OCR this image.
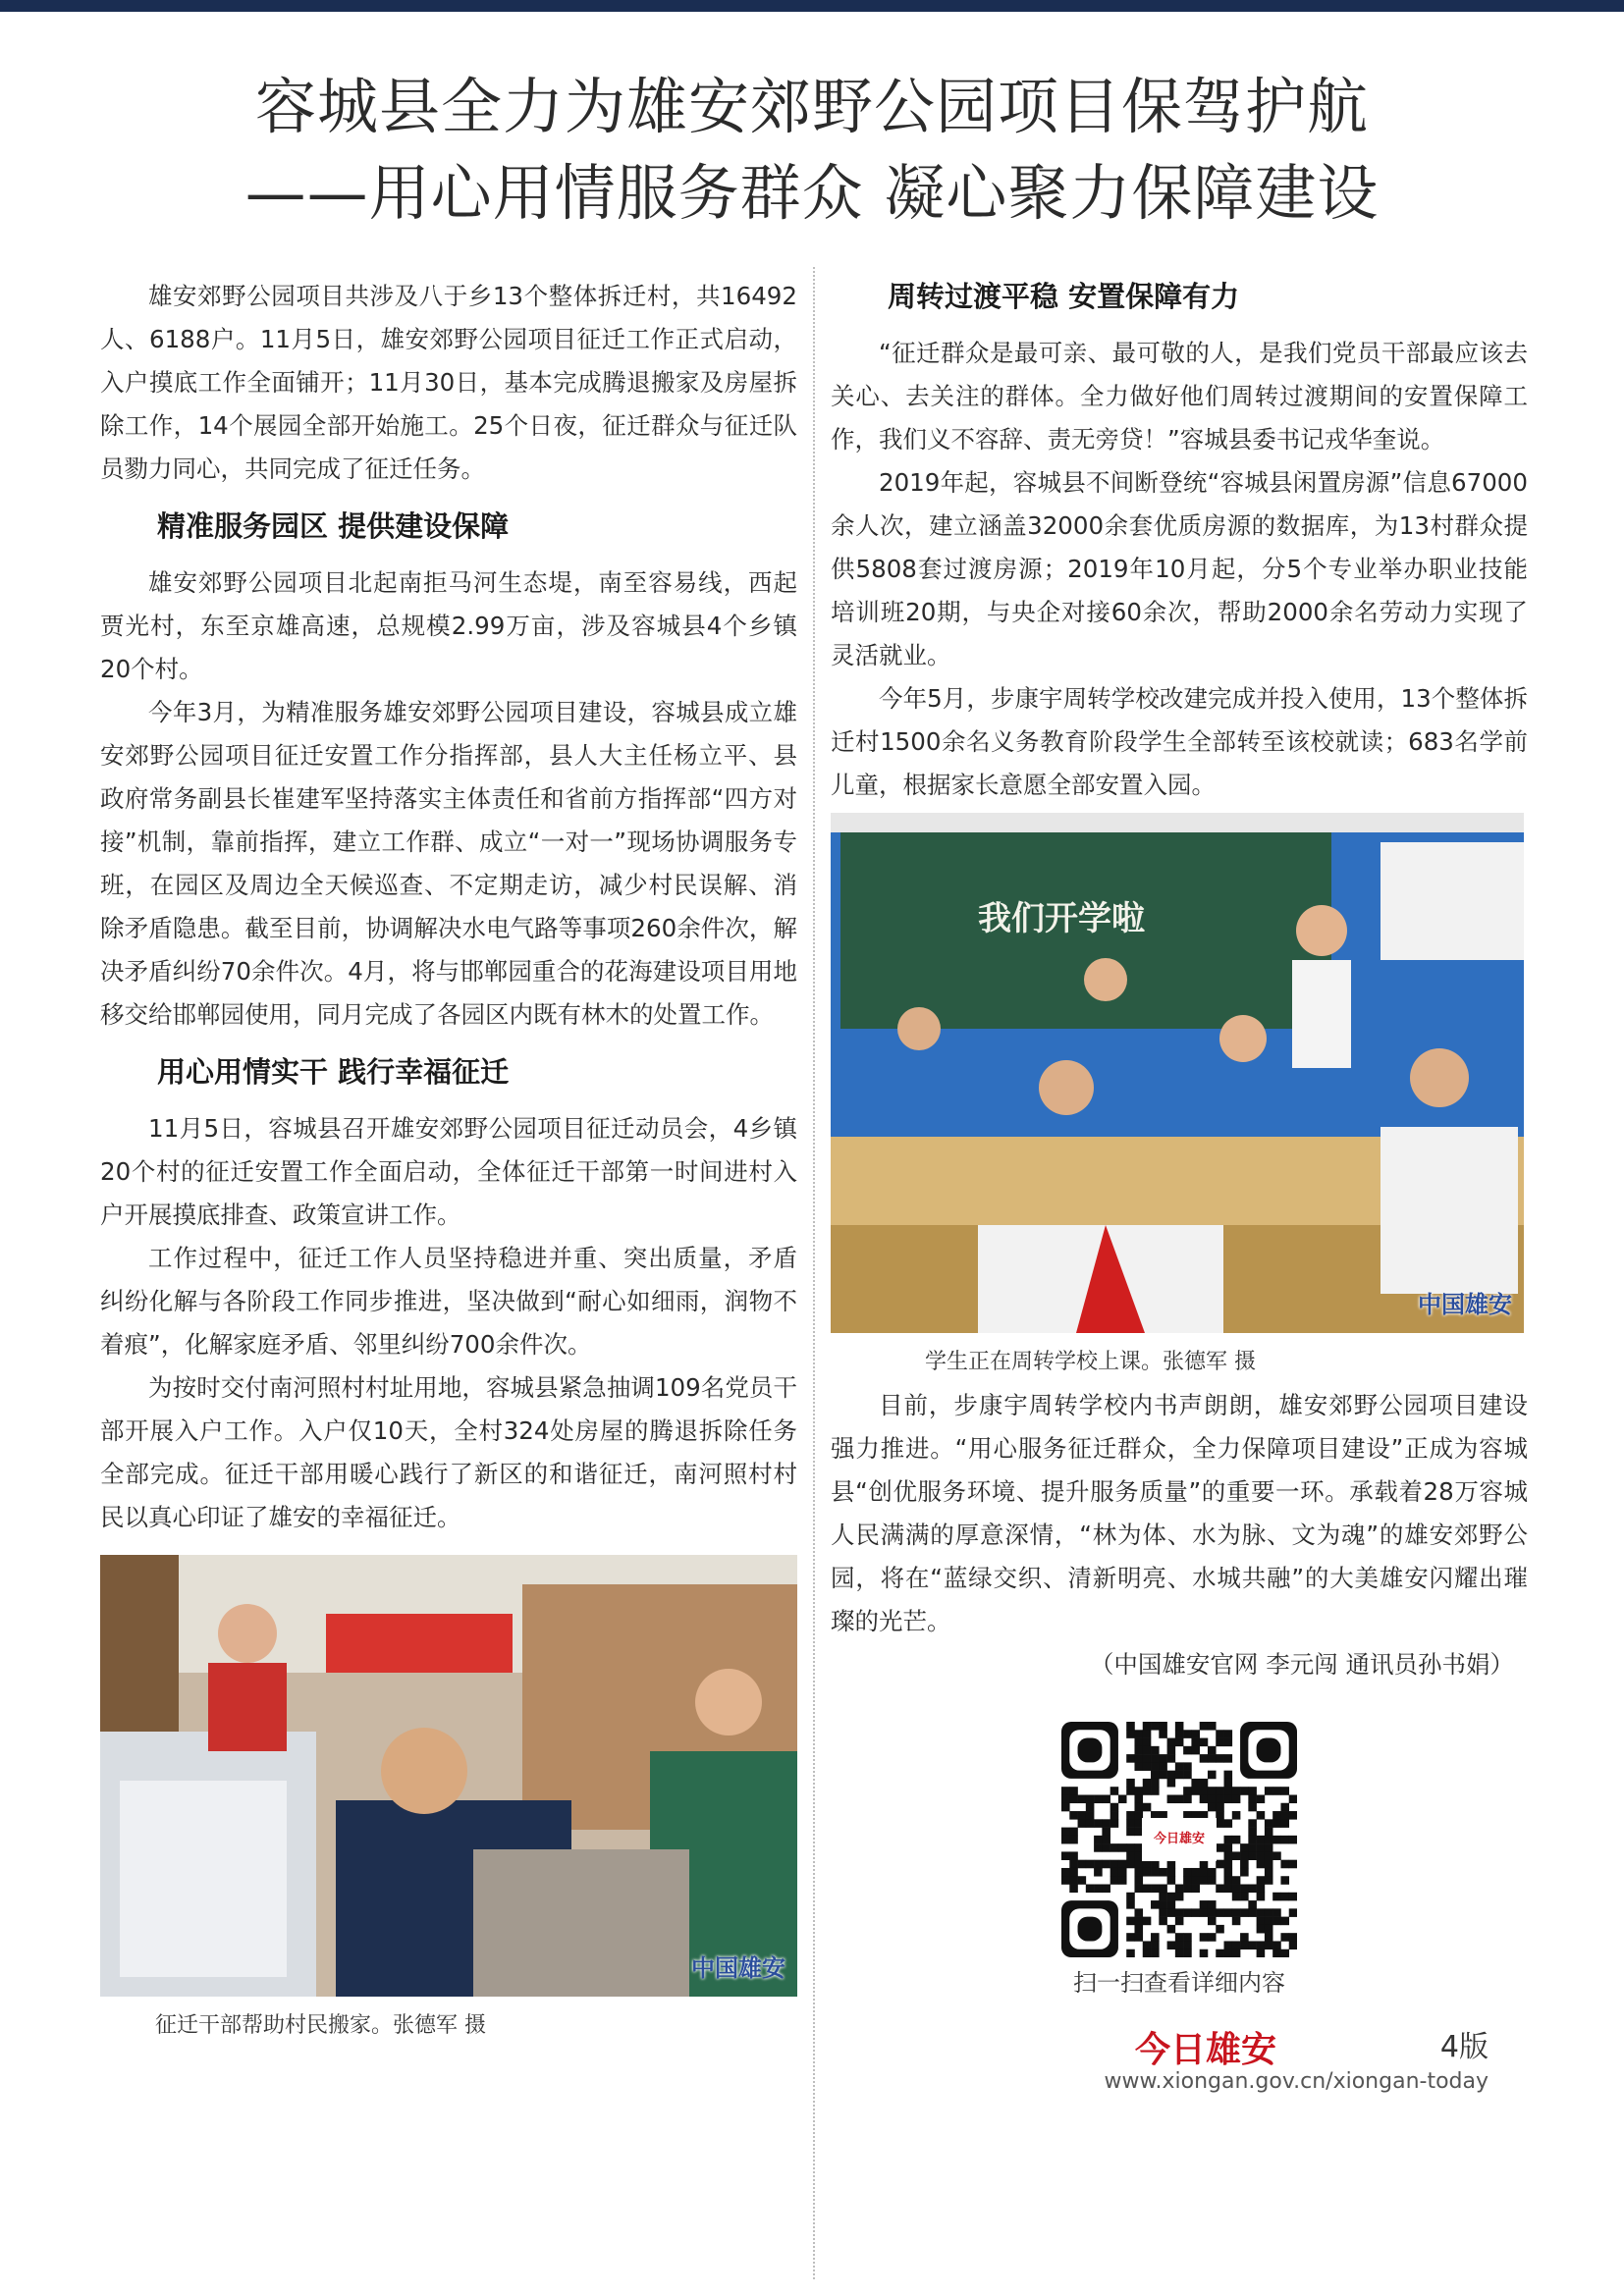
容城县全力为雄安郊野公园项目保驾护航
——用心用情服务群众 凝心聚力保障建设

雄安郊野公园项目共涉及八于乡13个整体拆迁村，共16492人、6188户。11月5日，雄安郊野公园项目征迁工作正式启动，入户摸底工作全面铺开；11月30日，基本完成腾退搬家及房屋拆除工作，14个展园全部开始施工。25个日夜，征迁群众与征迁队员勠力同心，共同完成了征迁任务。

精准服务园区 提供建设保障

雄安郊野公园项目北起南拒马河生态堤，南至容易线，西起贾光村，东至京雄高速，总规模2.99万亩，涉及容城县4个乡镇20个村。

今年3月，为精准服务雄安郊野公园项目建设，容城县成立雄安郊野公园项目征迁安置工作分指挥部，县人大主任杨立平、县政府常务副县长崔建军坚持落实主体责任和省前方指挥部“四方对接”机制，靠前指挥，建立工作群、成立“一对一”现场协调服务专班，在园区及周边全天候巡查、不定期走访，减少村民误解、消除矛盾隐患。截至目前，协调解决水电气路等事项260余件次，解决矛盾纠纷70余件次。4月，将与邯郸园重合的花海建设项目用地移交给邯郸园使用，同月完成了各园区内既有林木的处置工作。

用心用情实干 践行幸福征迁

11月5日，容城县召开雄安郊野公园项目征迁动员会，4乡镇20个村的征迁安置工作全面启动，全体征迁干部第一时间进村入户开展摸底排查、政策宣讲工作。

工作过程中，征迁工作人员坚持稳进并重、突出质量，矛盾纠纷化解与各阶段工作同步推进，坚决做到“耐心如细雨，润物不着痕”，化解家庭矛盾、邻里纠纷700余件次。

为按时交付南河照村村址用地，容城县紧急抽调109名党员干部开展入户工作。入户仅10天，全村324处房屋的腾退拆除任务全部完成。征迁干部用暖心践行了新区的和谐征迁，南河照村村民以真心印证了雄安的幸福征迁。

中国雄安

征迁干部帮助村民搬家。张德军 摄

周转过渡平稳 安置保障有力

“征迁群众是最可亲、最可敬的人，是我们党员干部最应该去关心、去关注的群体。全力做好他们周转过渡期间的安置保障工作，我们义不容辞、责无旁贷！”容城县委书记戎华奎说。

2019年起，容城县不间断登统“容城县闲置房源”信息67000余人次，建立涵盖32000余套优质房源的数据库，为13村群众提供5808套过渡房源；2019年10月起，分5个专业举办职业技能培训班20期，与央企对接60余次，帮助2000余名劳动力实现了灵活就业。

今年5月，步康宇周转学校改建完成并投入使用，13个整体拆迁村1500余名义务教育阶段学生全部转至该校就读；683名学前儿童，根据家长意愿全部安置入园。

我们开学啦
中国雄安

学生正在周转学校上课。张德军 摄

目前，步康宇周转学校内书声朗朗，雄安郊野公园项目建设强力推进。“用心服务征迁群众，全力保障项目建设”正成为容城县“创优服务环境、提升服务质量”的重要一环。承载着28万容城人民满满的厚意深情，“林为体、水为脉、文为魂”的雄安郊野公园，将在“蓝绿交织、清新明亮、水城共融”的大美雄安闪耀出璀璨的光芒。

（中国雄安官网 李元闯 通讯员孙书娟）

今日雄安
扫一扫查看详细内容
今日雄安	4版
www.xiongan.gov.cn/xiongan-today
